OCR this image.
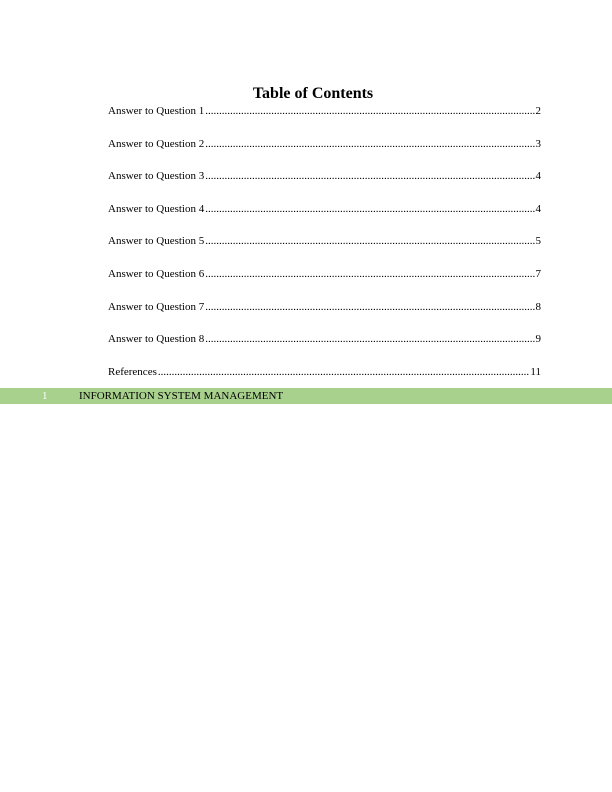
Table of Contents
Answer to Question 1 .....	2
Answer to Question 2 .....	3
Answer to Question 3 .....	4
Answer to Question 4 .....	4
Answer to Question 5 .....	5
Answer to Question 6 .....	7
Answer to Question 7 .....	8
Answer to Question 8 .....	9
References .....	11
1	INFORMATION SYSTEM MANAGEMENT
